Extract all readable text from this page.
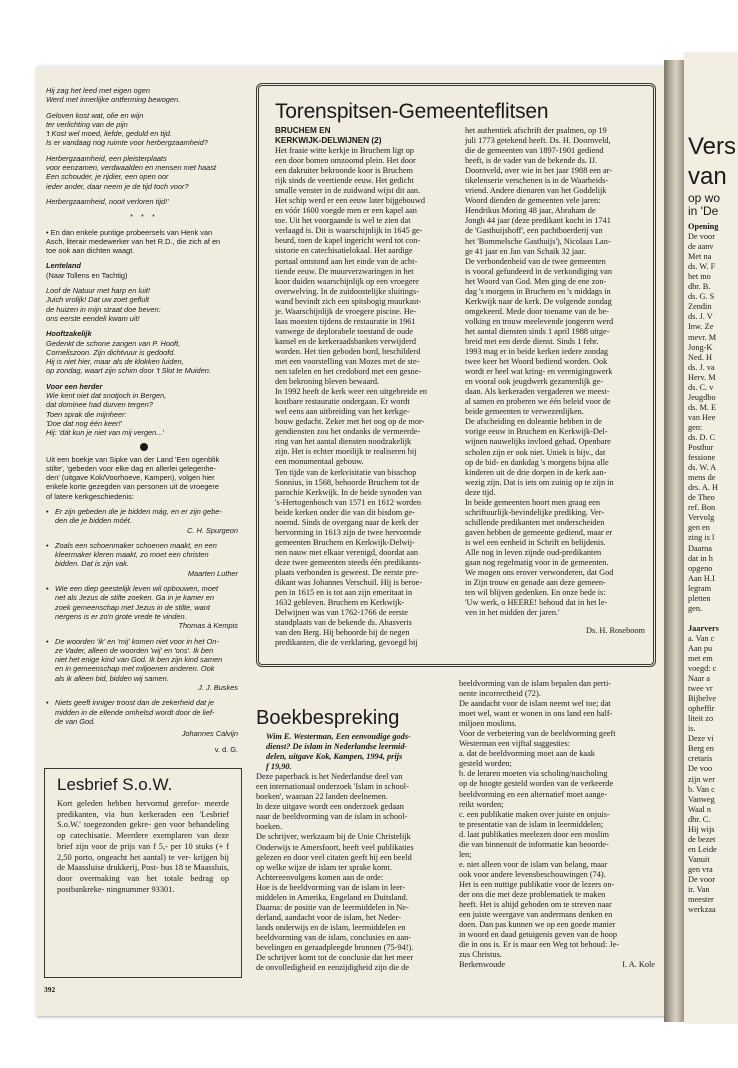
Hij zag het leed met eigen ogen
Werd met innerlijke ontferming bewogen.
Geloven kost wat, olie en wijn
ter verlichting van de pijn
't Kost wel moed, liefde, geduld en tijd.
Is er vandaag nog ruimte voor herbergzaamheid?
Herbergzaamheid, een pleisterplaats
voor eenzamen, verdwaalden en mensen met haast
Een schouder, je rijdier, een open oor
ieder ander, daar neem je de tijd toch voor?
Herbergzaamheid, nooit verloren tijd!'
* * *
• En dan enkele puntige probeersels van Henk van
Asch, literair medewerker van het R.D., die zich af en
toe ook aan dichten waagt.
Lenteland
(Naar Tollens en Tachtig)
Loof de Natuur met harp en luit!
Juich vrolijk! Dat uw zoet geflult
de huizen in mijn straat doe beven:
ons eerste eendeli kwam uit!
Hooftzakelijk
Gedenkt de schone zangen van P. Hooft,
Corneliszoon. Zijn dichtvuur is gedoofd.
Hij is niet hier, maar als de klokken luiden,
op zondag, waart zijn schim door 't Slot te Muiden.
Voor een herder
Wie kent niet dat snotjoch in Bergen,
dat dominee had durven tergen?
Toen sprak die mijnheer:
'Doe dat nog één keer!'
Hij: 'dát kun je niet van mij vergen...'
Uit een boekje van Sipke van der Land 'Een ogenblik
stilte', 'gebeden voor elke dag en allerlei gelegenhe-
den' (uitgave Kok/Voorhoeve, Kampen), volgen hier
enkele korte gezegden van personen uit de vroegere
of latere kerkgeschiedenis:
• Er zijn gebeden die je bidden mág, en er zijn gebe-
den die je bidden móét.
C. H. Spurgeon
• Zoals een schoenmaker schoenen maakt, en een
kleermaker kleren maakt, zo moet een christen
bidden. Dat is zijn vak.
Maarten Luther
• Wie een diep geestelijk leven wil opbouwen, moet
net als Jezus de stilte zoeken. Ga in je kamer en
zoek gemeenschap met Jezus in de stilte, want
nergens is er zo'n grote vrede te vinden.
Thomas à Kempis
• De woorden 'ik' en 'mij' komen niet voor in het On-
ze Vader, alleen de woorden 'wij' en 'ons'. Ik ben
niet het enige kind van God. Ik ben zijn kind samen
en in gemeenschap met miljoenen anderen. Ook
als ik alleen bid, bidden wij samen.
J. J. Buskes
• Niets geeft inniger troost dan de zekerheid dat je
midden in de ellende omhelsd wordt door de lief-
de van God.
Johannes Calvijn
v. d. G.
Lesbrief S.o.W.

Kort geleden hebben hervormd gerefor- meerde predikanten, via hun kerkeraden een 'Lesbrief S.o.W.' toegezonden gekre- gen voor behandeling op catechisatie. Meerdere exemplaren van deze brief zijn voor de prijs van f 5,- per 10 stuks (+ f 2,50 porto, ongeacht het aantal) te ver- krijgen bij de Maassluise drukkerij, Post- bus 18 te Maassluis, door overmaking van het totale bedrag op postbankreke- ningnummer 93301.

392
Torenspitsen-Gemeenteflitsen
BRUCHEM EN
KERKWIJK-DELWIJNEN (2)
Het fraaie witte kerkje in Bruchem ligt op
een door bomen omzoomd plein. Het door
een dakruiter bekroonde koor is Bruchem
rijk sinds de veertiende eeuw. Het gedicht
smalle venster in de zuidwand wijst dit aan.
Het schip werd er een eeuw later bijgebouwd
en vóór 1600 voegde men er een kapel aan
toe. Uit het voorgaande is wel te zien dat
verlaagd is. Dit is waarschijnlijk in 1645 ge-
beurd, toen de kapel ingericht werd tot con-
sistorie en catechisatielokaal. Het aardige
portaal ontstond aan het einde van de acht-
tiende eeuw. De muurverzwaringen in het
koor duiden waarschijnlijk op een vroegere
overwelving. In de zuidoostelijke sluitings-
wand bevindt zich een spitsbogig muurkast-
je. Waarschijnlijk de vroegere piscine. He-
laas moesten tijdens de restauratie in 1961
vanwege de deplorabele toestand de oude
kansel en de kerkeraadsbanken verwijderd
worden. Het tien geboden bord, beschilderd
met een voorstelling van Mozes met de ste-
nen tafelen en het credobord met een gesne-
den bekroning bleven bewaard.
In 1992 heeft de kerk weer een uitgebreide en
kostbare restauratie ondergaan. Er wordt
wel eens aan uitbreiding van het kerkge-
bouw gedacht. Zeker met het oog op de mor-
gendiensten zou het ondanks de vermeerde-
ring van het aantal diensten noodzakelijk
zijn. Het is echter moeilijk te realiseren bij
een monumentaal gebouw.
Ten tijde van de kerkvisitatie van bisschop
Sonnius, in 1568, behoorde Bruchem tot de
parochie Kerkwijk. In de beide synoden van
's-Hertogenbosch van 1571 en 1612 worden
beide kerken onder die van dit bisdom ge-
noemd. Sinds de overgang naar de kerk der
hervorming in 1613 zijn de twee hervormde
gemeenten Bruchem en Kerkwijk-Delwij-
nen nauw met elkaar verenigd, doordat aan
deze twee gemeenten steeds één predikants-
plaats verbonden is geweest. De eerste pre-
dikant was Johannes Verschuil. Hij is beroe-
pen in 1615 en is tot aan zijn emeritaat in
1632 gebleven. Bruchem en Kerkwijk-
Delwijnen was van 1762-1766 de eerste
standplaats van de bekende ds. Ahasveris
van den Berg. Hij behoorde bij de negen
predikanten, die de verklaring, gevoegd bij
het authentiek afschrift der psalmen, op 19
juli 1773 getekend heeft. Ds. H. Doornveld,
die de gemeenten van 1897-1901 gediend
heeft, is de vader van de bekende ds. IJ.
Doornveld, over wie in het jaar 1988 een ar-
tikelenserie verschenen is in de Waarheids-
vriend. Andere dienaren van het Goddelijk
Woord dienden de gemeenten vele jaren:
Hendrikus Moring 48 jaar, Abraham de
Jongh 44 jaar (deze predikant kocht in 1741
de 'Gasthuijshoff', een pachtboerderij van
het 'Bommelsche Gasthuijs'), Nicolaas Lan-
ge 41 jaar en Jan van Schaik 32 jaar.
De verbondenheid van de twee gemeenten
is vooral gefundeerd in de verkondiging van
het Woord van God. Men ging de ene zon-
dag 's morgens in Bruchem en 's middags in
Kerkwijk naar de kerk. De volgende zondag
omgekeerd. Mede door toename van de be-
volking en trouw meelevende jongeren werd
het aantal diensten sinds 1 april 1988 uitge-
breid met een derde dienst. Sinds 1 febr.
1993 mag er in beide kerken iedere zondag
twee keer het Woord bediend worden. Ook
wordt er heel wat kring- en verenigingswerk
en vooral ook jeugdwerk gezamenlijk ge-
daan. Als kerkeraden vergaderen we meest-
al samen en proberen we één beleid voor de
beide gemeenten te verwezenlijken.
De afscheiding en doleantie hebben in de
vorige eeuw in Bruchem en Kerkwijk-Del-
wijnen nauwelijks invloed gehad. Openbare
scholen zijn er ook niet. Uniek is bijv., dat
op de bid- en dankdag 's morgens bijna alle
kinderen uit de drie dorpen in de kerk aan-
wezig zijn. Dat is iets om zuinig op te zijn in
deze tijd.
In beide gemeenten hoort men graag een
schriftuurlijk-bevindelijke prediking. Ver-
schillende predikanten met onderscheiden
gaven hebben de gemeente gediend, maar er
is wel een eenheid in Schrift en belijdenis.
Alle nog in leven zijnde oud-predikanten
gaan nog regelmatig voor in de gemeenten.
We mogen ons erover verwonderen, dat God
in Zijn trouw en genade aan deze gemeen-
ten wil blijven gedenken. En onze bede is:
'Uw werk, o HEERE! behoud dat in het le-
ven in het midden der jaren.'
Ds. H. Roseboom
Boekbespreking
Wim E. Westerman, Een eenvoudige gods-
dienst? De islam in Nederlandse leermid-
delen, uitgave Kok, Kampen, 1994, prijs
f 19,90.
Deze paperback is het Nederlandse deel van
een internationaal onderzoek 'Islam in school-
boeken', waaraan 22 landen deelnemen.
In deze uitgave wordt een onderzoek gedaan
naar de beeldvorming van de islam in school-
boeken.
De schrijver, werkzaam bij de Unie Christelijk
Onderwijs te Amersfoort, heeft veel publikaties
gelezen en door veel citaten geeft hij een beeld
op welke wijze de islam ter sprake komt.
Achtereenvolgens komen aan de orde:
Hoe is de beeldvorming van de islam in leer-
middelen in Amerika, Engeland en Duitsland.
Daarna: de positie van de leermiddelen in Ne-
derland, aandacht voor de islam, het Neder-
lands onderwijs en de islam, leermiddelen en
beeldvorming van de islam, conclusies en aan-
bevelingen en geraadpleegde bronnen (75-94!).
De schrijver komt tot de conclusie dat het meer
de onvolledigheid en eenzijdigheid zijn die de
beeldvorming van de islam bepalen dan perti-
nente incorrectheid (72).
De aandacht voor de islam neemt wel toe; dat
moet wel, want er wonen in ons land een half-
miljoen moslims.
Voor de verbetering van de beeldvorming geeft
Westerman een vijftal suggesties:
a. dat de beeldvorming moet aan de kaak
gesteld worden;
b. de leraren moeten via scholing/nascholing
op de hoogte gesteld worden van de verkeerde
beeldvorming en een alternatief moet aange-
reikt worden;
c. een publikatie maken over juiste en onjuis-
te presentatie van de islam in leermiddelen;
d. laat publikaties meelezen door een moslim
die van binnenuit de informatie kan beoorde-
len;
e. niet alleen voor de islam van belang, maar
ook voor andere levensbeschouwingen (74).
Het is een nuttige publikatie voor de lezers on-
der ons die met deze problematiek te maken
heeft. Het is altijd geboden om te streven naar
een juiste weergave van andermans denken en
doen. Dan pas kunnen we op een goede manier
in woord en daad getuigenis geven van de hoop
die in ons is. Er is maar een Weg tot behoud: Je-
zus Christus.
Berkenwoude	I. A. Kole
Vers
van
op wo
in 'De
Opening
De voor
de aanv
Met na
ds. W. F
het mo
dhr. B.
ds. G. S
Zendin
ds. J. V
Inw. Ze
mevr. M
Jong-K
Ned. H
ds. J. va
Herv. M
ds. C. v
Jeugdbo
ds. M. E
van Hee
gen:
ds. D. C
Posthur
fessione
ds. W. A
mens de
drs. A. H
de Theo
ref. Bon
Vervolg
gen en
zing is l
Daarna
dat in h
opgeno
Aan H.I
legram
pletten
gen.
Jaarvers
a. Van c
Aan pu
met em
voegd: c
Naar a
twee vr
Bijbelve
opheffir
liteit zo
is.
Deze vi
Berg en
cretaris
De voo
zijn wer
b. Van c
Vanweg
Waal n
dhr. C.
Hij wijs
de bezet
en Leide
Vanuit
gen vra
De voor
ir. Van
meester
werkzaa
